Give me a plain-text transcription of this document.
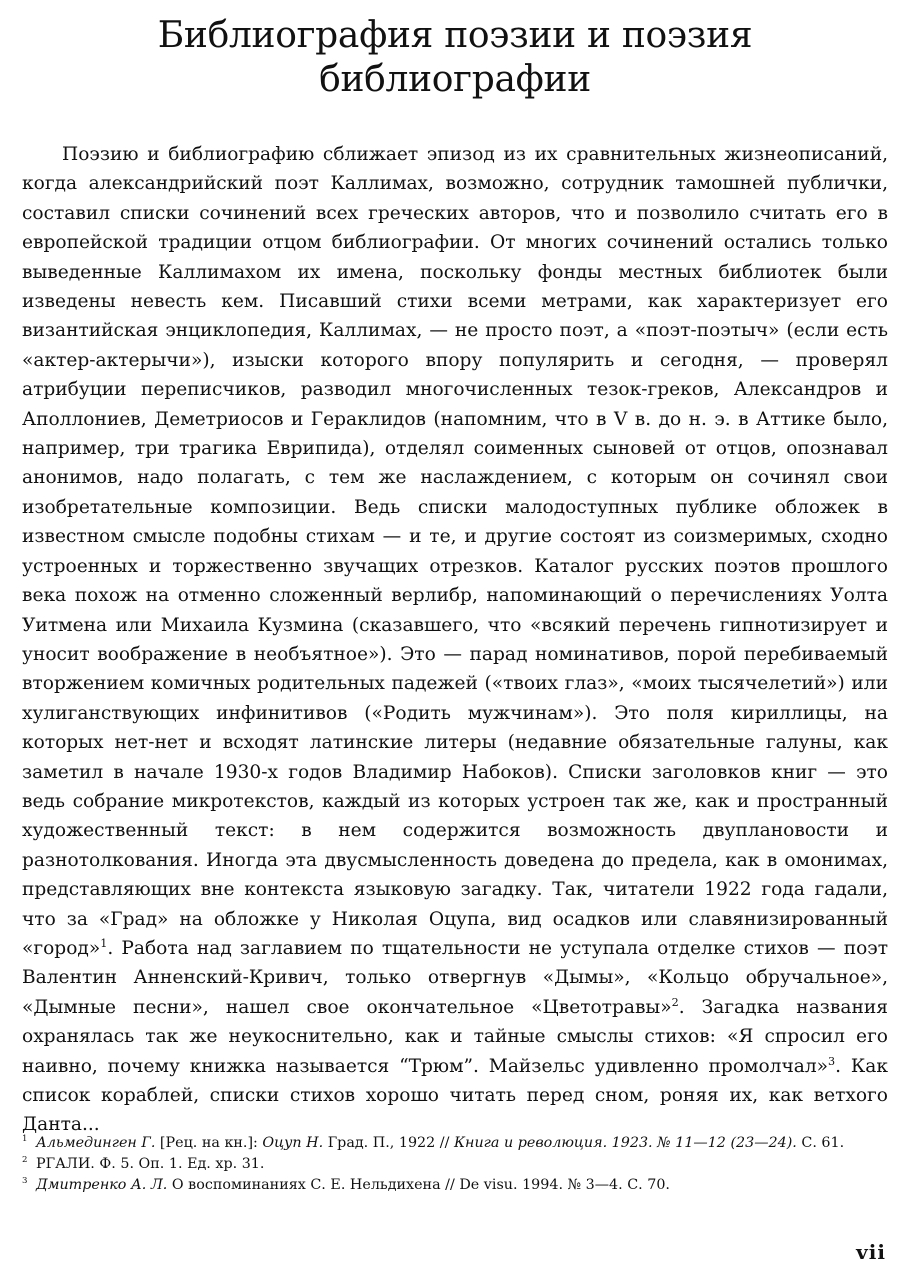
Библиография поэзии и поэзия библиографии
Поэзию и библиографию сближает эпизод из их сравнительных жизнеописаний, когда александрийский поэт Каллимах, возможно, сотрудник тамошней публички, составил списки сочинений всех греческих авторов, что и позволило считать его в европейской традиции отцом библиографии. От многих сочинений остались только выведенные Каллимахом их имена, поскольку фонды местных библиотек были изведены невесть кем. Писавший стихи всеми метрами, как характеризует его византийская энциклопедия, Каллимах, — не просто поэт, а «поэт-поэтыч» (если есть «актер-актерычи»), изыски которого впору популярить и сегодня, — проверял атрибуции переписчиков, разводил многочисленных тезок-греков, Александров и Аполлониев, Деметриосов и Гераклидов (напомним, что в V в. до н. э. в Аттике было, например, три трагика Еврипида), отделял соименных сыновей от отцов, опознавал анонимов, надо полагать, с тем же наслаждением, с которым он сочинял свои изобретательные композиции. Ведь списки малодоступных публике обложек в известном смысле подобны стихам — и те, и другие состоят из соизмеримых, сходно устроенных и торжественно звучащих отрезков. Каталог русских поэтов прошлого века похож на отменно сложенный верлибр, напоминающий о перечислениях Уолта Уитмена или Михаила Кузмина (сказавшего, что «всякий перечень гипнотизирует и уносит воображение в необъятное»). Это — парад номинативов, порой перебиваемый вторжением комичных родительных падежей («твоих глаз», «моих тысячелетий») или хулиганствующих инфинитивов («Родить мужчинам»). Это поля кириллицы, на которых нет-нет и всходят латинские литеры (недавние обязательные галуны, как заметил в начале 1930-х годов Владимир Набоков). Списки заголовков книг — это ведь собрание микротекстов, каждый из которых устроен так же, как и пространный художественный текст: в нем содержится возможность двуплановости и разнотолкования. Иногда эта двусмысленность доведена до предела, как в омонимах, представляющих вне контекста языковую загадку. Так, читатели 1922 года гадали, что за «Град» на обложке у Николая Оцупа, вид осадков или славянизированный «город»$^1$. Работа над заглавием по тщательности не уступала отделке стихов — поэт Валентин Анненский-Кривич, только отвергнув «Дымы», «Кольцо обручальное», «Дымные песни», нашел свое окончательное «Цветотравы»$^2$. Загадка названия охранялась так же неукоснительно, как и тайные смыслы стихов: «Я спросил его наивно, почему книжка называется “Трюм”. Майзельс удивленно промолчал»$^3$. Как список кораблей, списки стихов хорошо читать перед сном, роняя их, как ветхого Данта...

$^1$ Альмединген Г. [Рец. на кн.]: Оцуп Н. Град. П., 1922 // Книга и революция. 1923. № 11—12 (23—24). С. 61.

$^2$ РГАЛИ. Ф. 5. Оп. 1. Ед. хр. 31.

$^3$ Дмитренко А. Л. О воспоминаниях С. Е. Нельдихена // De visu. 1994. № 3—4. С. 70.

vii
